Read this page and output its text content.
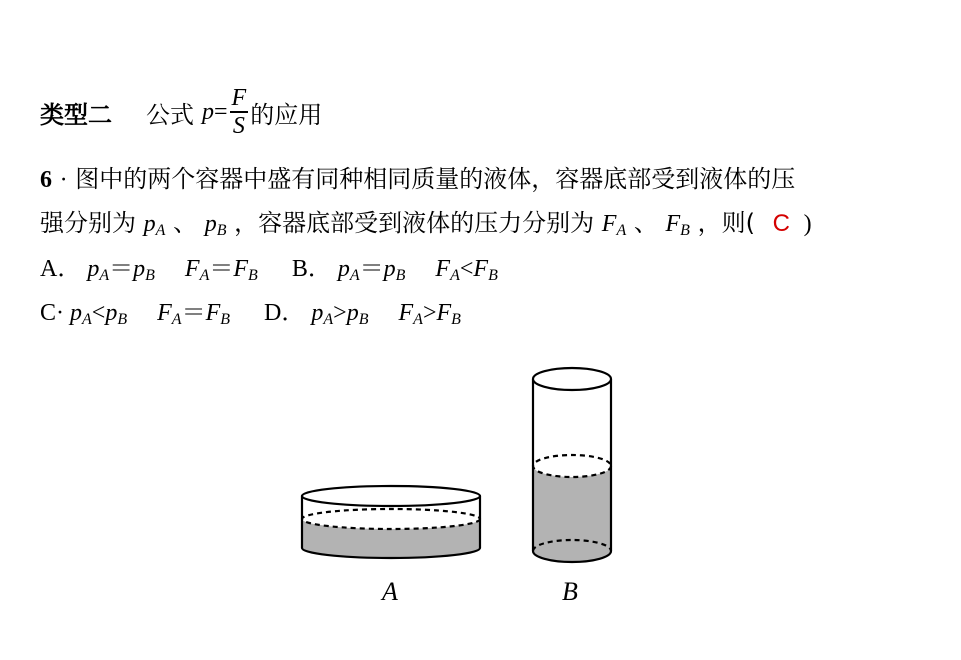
类型二 公式 $p = \frac{F}{S}$ 的应用
6 · 图中的两个容器中盛有同种相同质量的液体，容器底部受到液体的压
强分别为 $p_A$ 、 $p_B$ ，容器底部受到液体的压力分别为 $F_A$ 、 $F_B$ ，则( C )
A． $p_A=p_B$ $F_A=F_B$ B． $p_A=p_B$ $F_A<F_B$
$C\cdot p_A<p_B$ $F_A=F_B$ D． $p_A>p_B$ $F_A>F_B$
A	B
